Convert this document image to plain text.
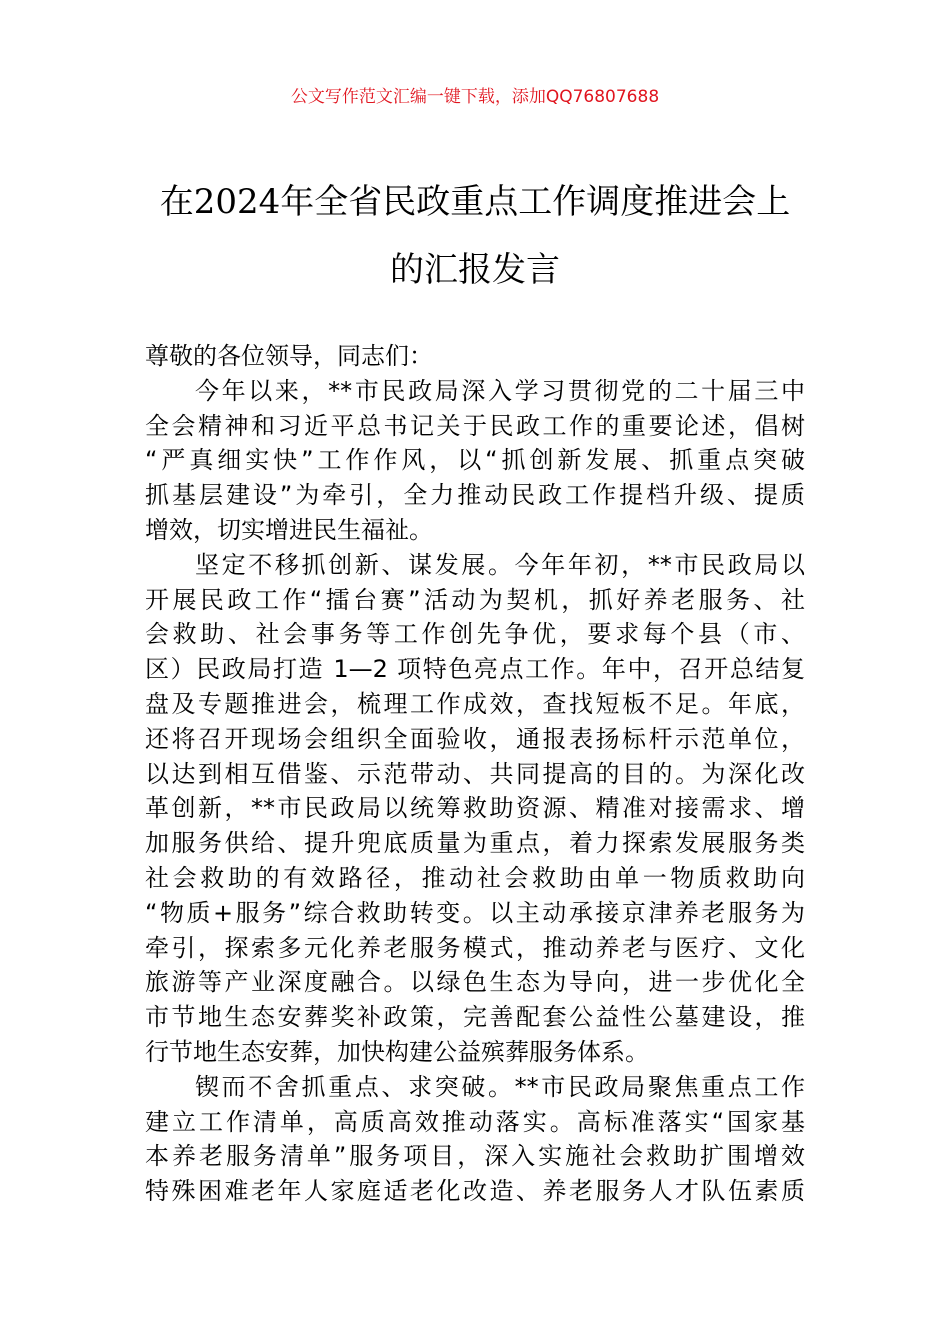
公文写作范文汇编一键下载，添加QQ76807688
在2024年全省民政重点工作调度推进会上
的汇报发言
尊敬的各位领导，同志们：
今年以来，**市民政局深入学习贯彻党的二十届三中
全会精神和习近平总书记关于民政工作的重要论述，倡树
“严真细实快”工作作风，以“抓创新发展、抓重点突破
抓基层建设”为牵引，全力推动民政工作提档升级、提质
增效，切实增进民生福祉。
坚定不移抓创新、谋发展。今年年初，**市民政局以
开展民政工作“擂台赛”活动为契机，抓好养老服务、社
会救助、社会事务等工作创先争优，要求每个县（市、
区）民政局打造 1—2 项特色亮点工作。年中，召开总结复
盘及专题推进会，梳理工作成效，查找短板不足。年底，
还将召开现场会组织全面验收，通报表扬标杆示范单位，
以达到相互借鉴、示范带动、共同提高的目的。为深化改
革创新，**市民政局以统筹救助资源、精准对接需求、增
加服务供给、提升兜底质量为重点，着力探索发展服务类
社会救助的有效路径，推动社会救助由单一物质救助向
“物质+服务”综合救助转变。以主动承接京津养老服务为
牵引，探索多元化养老服务模式，推动养老与医疗、文化
旅游等产业深度融合。以绿色生态为导向，进一步优化全
市节地生态安葬奖补政策，完善配套公益性公墓建设，推
行节地生态安葬，加快构建公益殡葬服务体系。
锲而不舍抓重点、求突破。**市民政局聚焦重点工作
建立工作清单，高质高效推动落实。高标准落实“国家基
本养老服务清单”服务项目，深入实施社会救助扩围增效
特殊困难老年人家庭适老化改造、养老服务人才队伍素质
